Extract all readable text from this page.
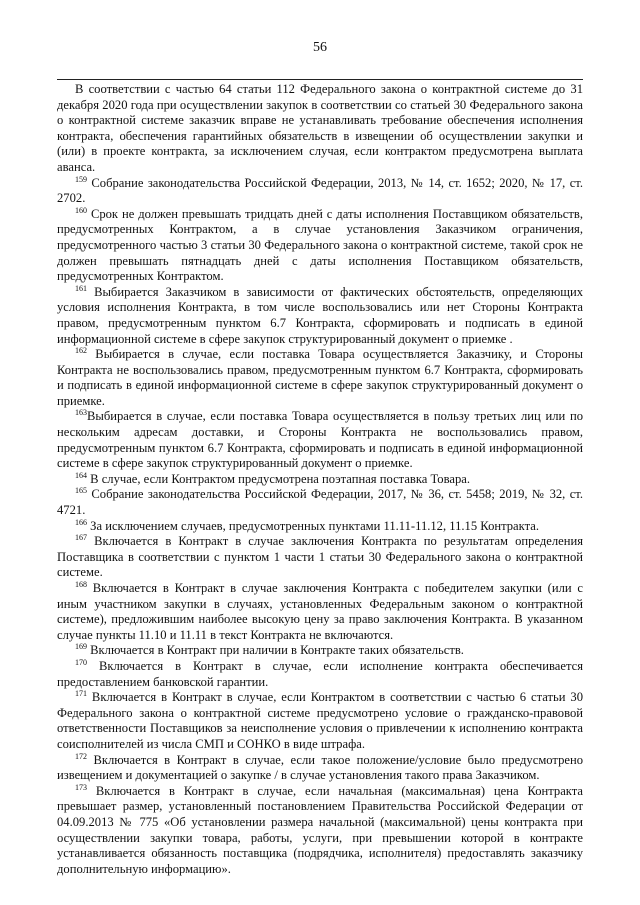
56

В соответствии с частью 64 статьи 112 Федерального закона о контрактной системе до 31 декабря 2020 года при осуществлении закупок в соответствии со статьей 30 Федерального закона о контрактной системе заказчик вправе не устанавливать требование обеспечения исполнения контракта, обеспечения гарантийных обязательств в извещении об осуществлении закупки и (или) в проекте контракта, за исключением случая, если контрактом предусмотрена выплата аванса.

$^{159}$ Собрание законодательства Российской Федерации, 2013, № 14, ст. 1652; 2020, № 17, ст. 2702.

$^{160}$ Срок не должен превышать тридцать дней с даты исполнения Поставщиком обязательств, предусмотренных Контрактом, а в случае установления Заказчиком ограничения, предусмотренного частью 3 статьи 30 Федерального закона о контрактной системе, такой срок не должен превышать пятнадцать дней с даты исполнения Поставщиком обязательств, предусмотренных Контрактом.

$^{161}$ Выбирается Заказчиком в зависимости от фактических обстоятельств, определяющих условия исполнения Контракта, в том числе воспользовались или нет Стороны Контракта правом, предусмотренным пунктом 6.7 Контракта, сформировать и подписать в единой информационной системе в сфере закупок структурированный документ о приемке .

$^{162}$ Выбирается в случае, если поставка Товара осуществляется Заказчику, и Стороны Контракта не воспользовались правом, предусмотренным пунктом 6.7 Контракта, сформировать и подписать в единой информационной системе в сфере закупок структурированный документ о приемке.

$^{163}$Выбирается в случае, если поставка Товара осуществляется в пользу третьих лиц или по нескольким адресам доставки, и Стороны Контракта не воспользовались правом, предусмотренным пунктом 6.7 Контракта, сформировать и подписать в единой информационной системе в сфере закупок структурированный документ о приемке.

$^{164}$ В случае, если Контрактом предусмотрена поэтапная поставка Товара.

$^{165}$ Собрание законодательства Российской Федерации, 2017, № 36, ст. 5458; 2019, № 32, ст. 4721.

$^{166}$ За исключением случаев, предусмотренных пунктами 11.11-11.12, 11.15 Контракта.

$^{167}$ Включается в Контракт в случае заключения Контракта по результатам определения Поставщика в соответствии с пунктом 1 части 1 статьи 30 Федерального закона о контрактной системе.

$^{168}$ Включается в Контракт в случае заключения Контракта с победителем закупки (или с иным участником закупки в случаях, установленных Федеральным законом о контрактной системе), предложившим наиболее высокую цену за право заключения Контракта. В указанном случае пункты 11.10 и 11.11 в текст Контракта не включаются.

$^{169}$ Включается в Контракт при наличии в Контракте таких обязательств.

$^{170}$ Включается в Контракт в случае, если исполнение контракта обеспечивается предоставлением банковской гарантии.

$^{171}$ Включается в Контракт в случае, если Контрактом в соответствии с частью 6 статьи 30 Федерального закона о контрактной системе предусмотрено условие о гражданско-правовой ответственности Поставщиков за неисполнение условия о привлечении к исполнению контракта соисполнителей из числа СМП и СОНКО в виде штрафа.

$^{172}$ Включается в Контракт в случае, если такое положение/условие было предусмотрено извещением и документацией о закупке / в случае установления такого права Заказчиком.

$^{173}$ Включается в Контракт в случае, если начальная (максимальная) цена Контракта превышает размер, установленный постановлением Правительства Российской Федерации от 04.09.2013 № 775 «Об установлении размера начальной (максимальной) цены контракта при осуществлении закупки товара, работы, услуги, при превышении которой в контракте устанавливается обязанность поставщика (подрядчика, исполнителя) предоставлять заказчику дополнительную информацию».
